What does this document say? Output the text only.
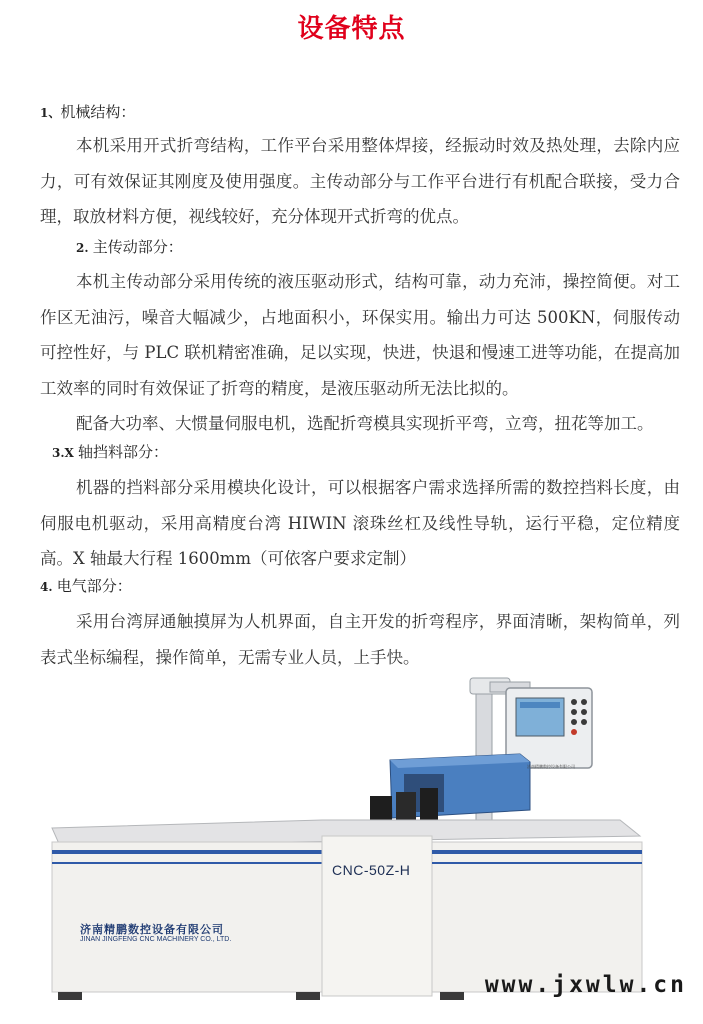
设备特点
1、机械结构：

本机采用开式折弯结构，工作平台采用整体焊接，经振动时效及热处理，去除内应力，可有效保证其刚度及使用强度。主传动部分与工作平台进行有机配合联接，受力合理，取放材料方便，视线较好，充分体现开式折弯的优点。

2. 主传动部分：

本机主传动部分采用传统的液压驱动形式，结构可靠，动力充沛，操控简便。对工作区无油污，噪音大幅减少，占地面积小，环保实用。输出力可达 500KN，伺服传动可控性好，与 PLC 联机精密准确，足以实现，快进，快退和慢速工进等功能，在提高加工效率的同时有效保证了折弯的精度，是液压驱动所无法比拟的。

配备大功率、大惯量伺服电机，选配折弯模具实现折平弯，立弯，扭花等加工。

3.X 轴挡料部分：

机器的挡料部分采用模块化设计，可以根据客户需求选择所需的数控挡料长度，由伺服电机驱动，采用高精度台湾 HIWIN 滚珠丝杠及线性导轨，运行平稳，定位精度高。X 轴最大行程 1600mm（可依客户要求定制）

4. 电气部分：

采用台湾屏通触摸屏为人机界面，自主开发的折弯程序，界面清晰，架构简单，列表式坐标编程，操作简单，无需专业人员，上手快。

济南精鹏数控设备有限公司
CNC-50Z-H
济南精鹏数控设备有限公司
JINAN JINGFENG CNC MACHINERY CO., LTD.
www.jxwlw.cn
